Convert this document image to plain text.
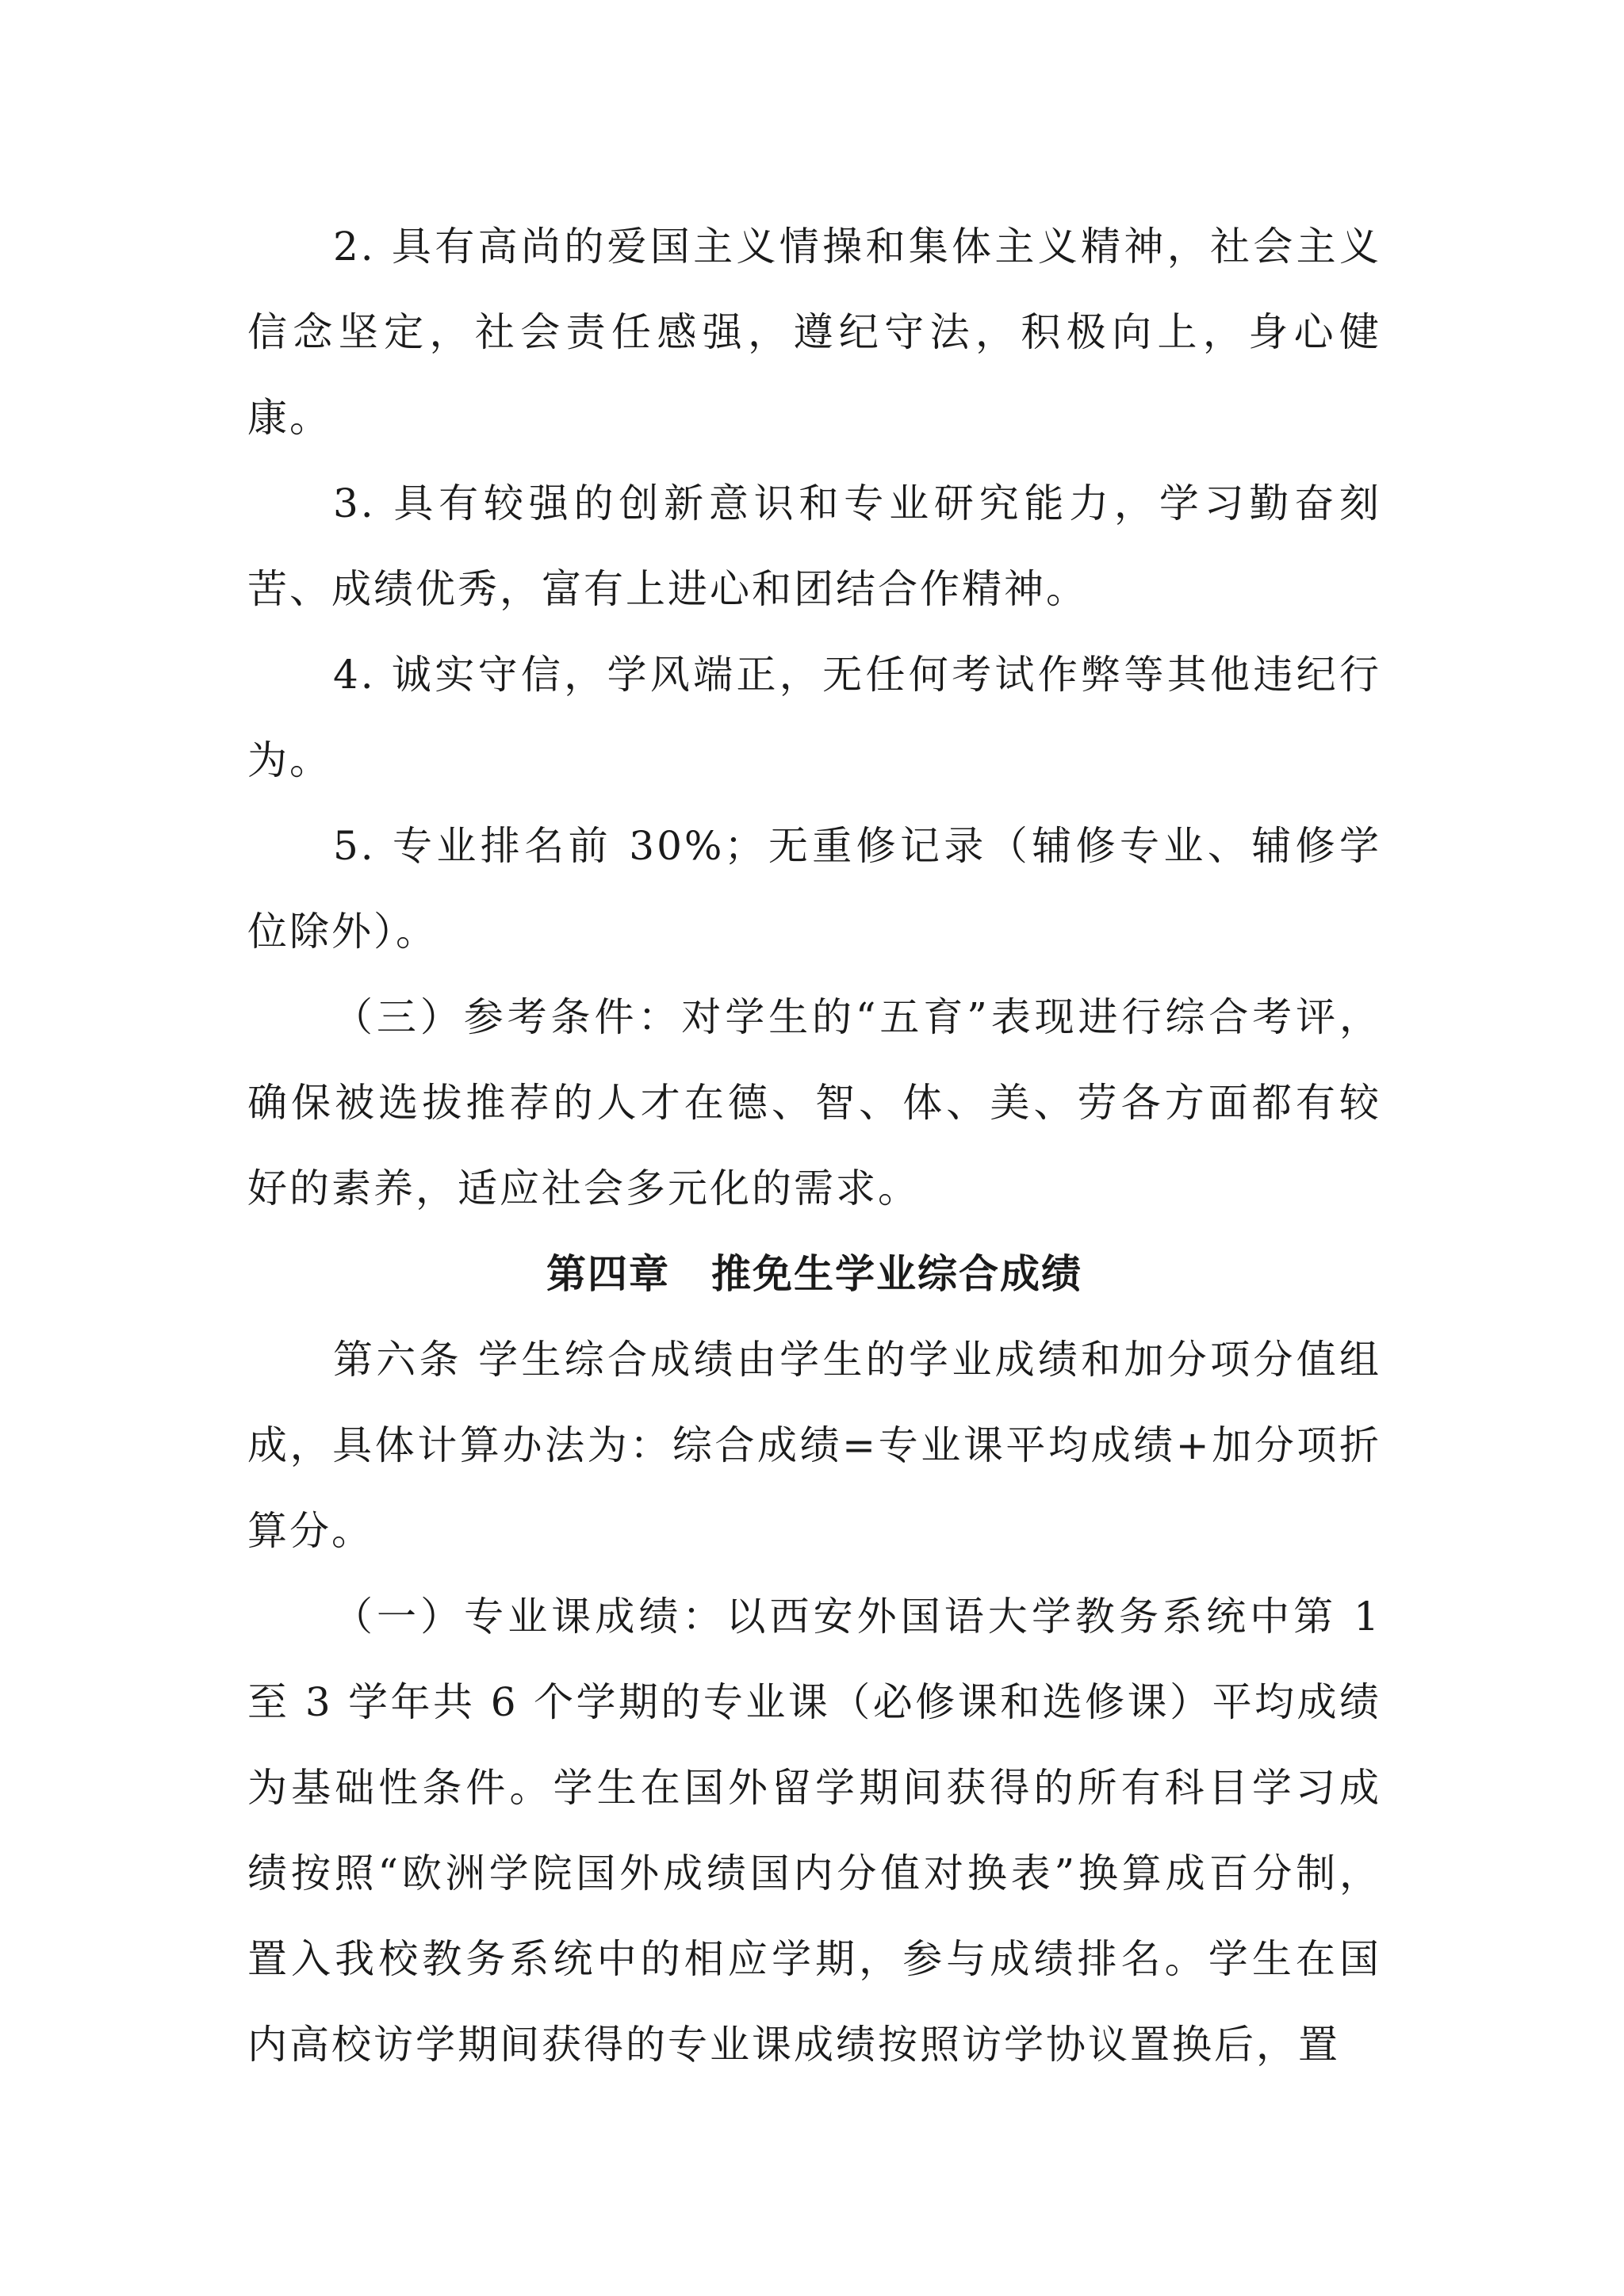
2. 具有高尚的爱国主义情操和集体主义精神，社会主义信念坚定，社会责任感强，遵纪守法，积极向上，身心健康。

3. 具有较强的创新意识和专业研究能力，学习勤奋刻苦、成绩优秀，富有上进心和团结合作精神。

4. 诚实守信，学风端正，无任何考试作弊等其他违纪行为。

5. 专业排名前 30%；无重修记录（辅修专业、辅修学位除外）。

（三）参考条件：对学生的“五育”表现进行综合考评，确保被选拔推荐的人才在德、智、体、美、劳各方面都有较好的素养，适应社会多元化的需求。

第四章　推免生学业综合成绩

第六条 学生综合成绩由学生的学业成绩和加分项分值组成，具体计算办法为：综合成绩=专业课平均成绩+加分项折算分。

（一）专业课成绩：以西安外国语大学教务系统中第 1 至 3 学年共 6 个学期的专业课（必修课和选修课）平均成绩为基础性条件。学生在国外留学期间获得的所有科目学习成绩按照“欧洲学院国外成绩国内分值对换表”换算成百分制，置入我校教务系统中的相应学期，参与成绩排名。学生在国内高校访学期间获得的专业课成绩按照访学协议置换后，置
